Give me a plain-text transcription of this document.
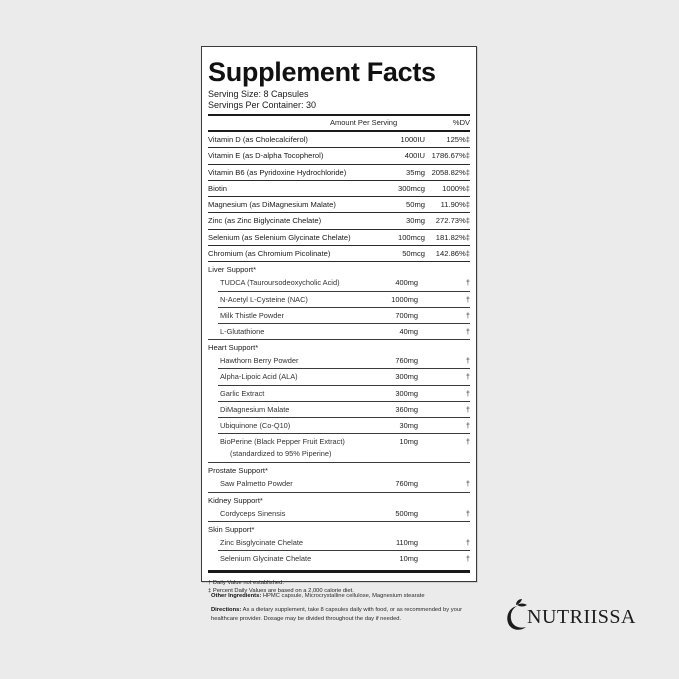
Supplement Facts
Serving Size: 8 Capsules
Servings Per Container: 30
Amount Per Serving	%DV
Vitamin D (as Cholecalciferol)	1000IU	125%‡
Vitamin E (as D-alpha Tocopherol)	400IU 1786.67%‡
Vitamin B6 (as Pyridoxine Hydrochloride)	35mg 2058.82%‡
Biotin	300mcg	1000%‡
Magnesium (as DiMagnesium Malate)	50mg	11.90%‡
Zinc (as Zinc Biglycinate Chelate)	30mg	272.73%‡
Selenium (as Selenium Glycinate Chelate)	100mcg	181.82%‡
Chromium (as Chromium Picolinate)	50mcg	142.86%‡
Liver Support*
TUDCA (Tauroursodeoxycholic Acid)	400mg	†
N-Acetyl L-Cysteine (NAC)	1000mg	†
Milk Thistle Powder	700mg	†
L-Glutathione	40mg	†
Heart Support*
Hawthorn Berry Powder	760mg	†
Alpha-Lipoic Acid (ALA)	300mg	†
Garlic Extract	300mg	†
DiMagnesium Malate	360mg	†
Ubiquinone (Co-Q10)	30mg	†
BioPerine (Black Pepper Fruit Extract)
(standardized to 95% Piperine)
10mg	†
Prostate Support*
Saw Palmetto Powder	760mg	†
Kidney Support*
Cordyceps Sinensis	500mg	†
Skin Support*
Zinc Bisglycinate Chelate	110mg	†
Selenium Glycinate Chelate	10mg	†
† Daily Value not established.
‡ Percent Daily Values are based on a 2,000 calorie diet.
Other Ingredients: HPMC capsule, Microcrystalline cellulose, Magnesium stearate
Directions: As a dietary supplement, take 8 capsules daily with food, or as recommended by your healthcare provider. Dosage may be divided throughout the day if needed.	NUTRIISSA
